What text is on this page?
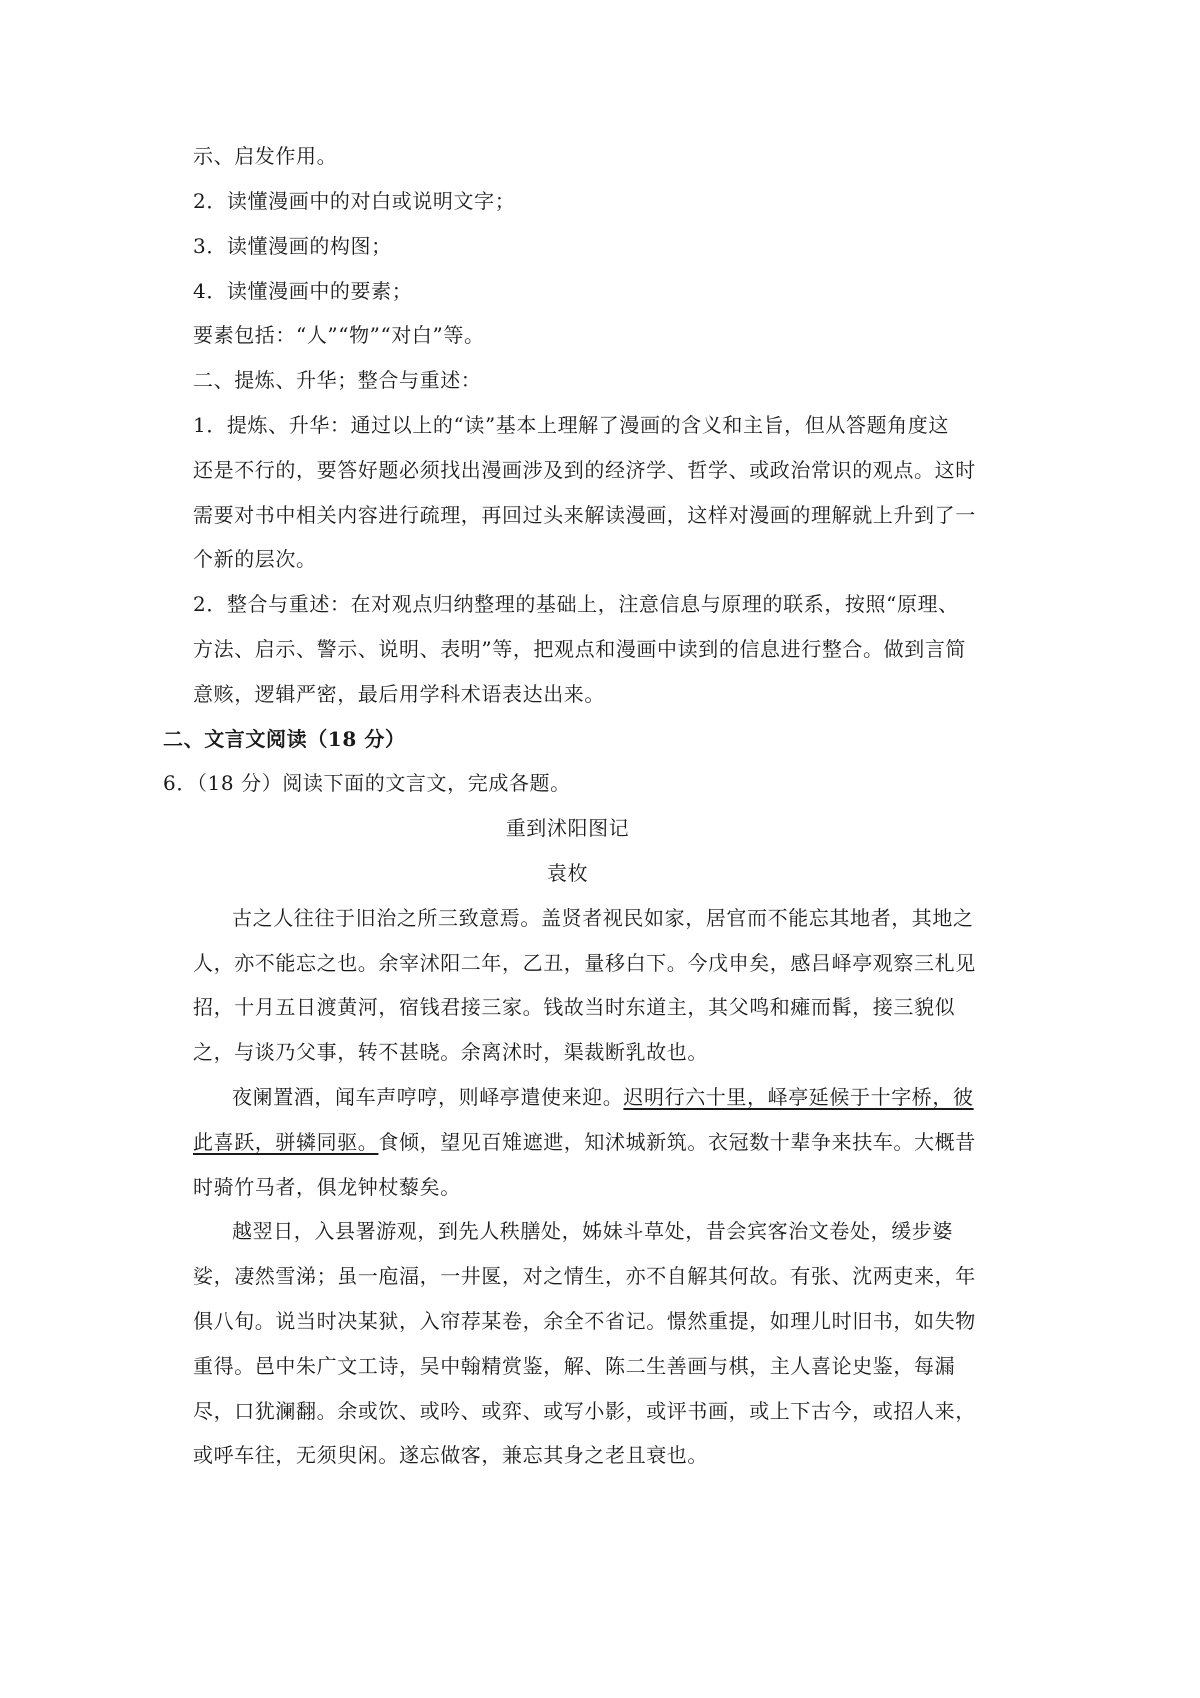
示、启发作用。
2．读懂漫画中的对白或说明文字；
3．读懂漫画的构图；
4．读懂漫画中的要素；
要素包括：“人”“物”“对白”等。
二、提炼、升华；整合与重述：
1．提炼、升华：通过以上的“读”基本上理解了漫画的含义和主旨，但从答题角度这
还是不行的，要答好题必须找出漫画涉及到的经济学、哲学、或政治常识的观点。这时
需要对书中相关内容进行疏理，再回过头来解读漫画，这样对漫画的理解就上升到了一
个新的层次。
2．整合与重述：在对观点归纳整理的基础上，注意信息与原理的联系，按照“原理、
方法、启示、警示、说明、表明”等，把观点和漫画中读到的信息进行整合。做到言简
意赅，逻辑严密，最后用学科术语表达出来。
二、文言文阅读（18 分）
6．（18 分）阅读下面的文言文，完成各题。
重到沭阳图记
袁枚
古之人往往于旧治之所三致意焉。盖贤者视民如家，居官而不能忘其地者，其地之
人，亦不能忘之也。余宰沭阳二年，乙丑，量移白下。今戊申矣，感吕峄亭观察三札见
招，十月五日渡黄河，宿钱君接三家。钱故当时东道主，其父鸣和瘫而髯，接三貌似
之，与谈乃父事，转不甚晓。余离沭时，渠裁断乳故也。
夜阑置酒，闻车声哼哼，则峄亭遣使来迎。迟明行六十里，峄亭延候于十字桥，彼
此喜跃，骈辚同驱。食倾，望见百雉遮迣，知沭城新筑。衣冠数十辈争来扶车。大概昔
时骑竹马者，俱龙钟杖藜矣。
越翌日，入县署游观，到先人秩膳处，姊妹斗草处，昔会宾客治文卷处，缓步婆
娑，凄然雪涕；虽一庖湢，一井匽，对之情生，亦不自解其何故。有张、沈两吏来，年
俱八旬。说当时决某狱，入帘荐某卷，余全不省记。憬然重提，如理儿时旧书，如失物
重得。邑中朱广文工诗，吴中翰精赏鉴，解、陈二生善画与棋，主人喜论史鉴，每漏
尽，口犹澜翻。余或饮、或吟、或弈、或写小影，或评书画，或上下古今，或招人来，
或呼车往，无须臾闲。遂忘做客，兼忘其身之老且衰也。
